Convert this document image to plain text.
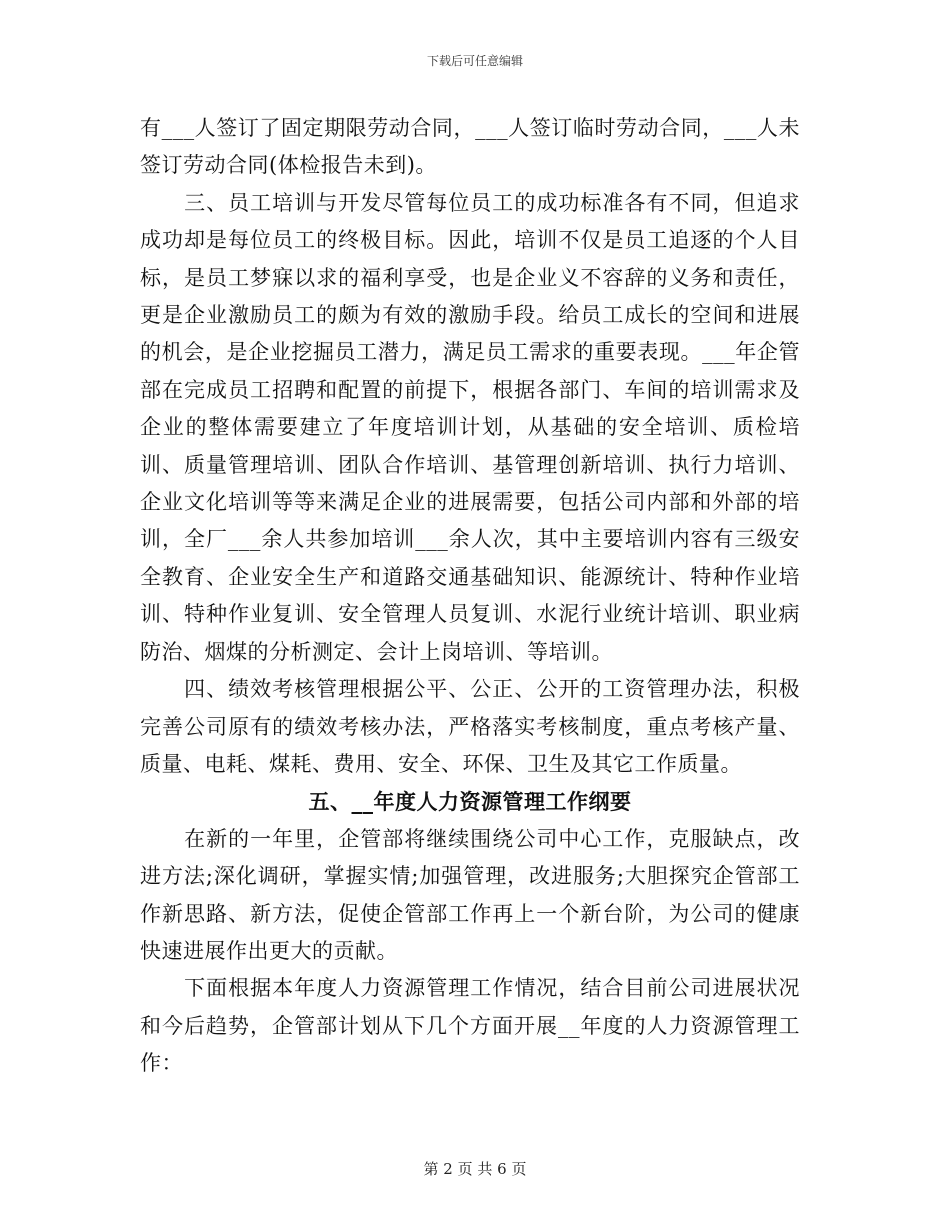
下载后可任意编辑

有___人签订了固定期限劳动合同，___人签订临时劳动合同，___人未签订劳动合同(体检报告未到)。

三、员工培训与开发尽管每位员工的成功标准各有不同，但追求成功却是每位员工的终极目标。因此，培训不仅是员工追逐的个人目标，是员工梦寐以求的福利享受，也是企业义不容辞的义务和责任，更是企业激励员工的颇为有效的激励手段。给员工成长的空间和进展的机会，是企业挖掘员工潜力，满足员工需求的重要表现。___年企管部在完成员工招聘和配置的前提下，根据各部门、车间的培训需求及企业的整体需要建立了年度培训计划，从基础的安全培训、质检培训、质量管理培训、团队合作培训、基管理创新培训、执行力培训、企业文化培训等等来满足企业的进展需要，包括公司内部和外部的培训，全厂___余人共参加培训___余人次，其中主要培训内容有三级安全教育、企业安全生产和道路交通基础知识、能源统计、特种作业培训、特种作业复训、安全管理人员复训、水泥行业统计培训、职业病防治、烟煤的分析测定、会计上岗培训、等培训。

四、绩效考核管理根据公平、公正、公开的工资管理办法，积极完善公司原有的绩效考核办法，严格落实考核制度，重点考核产量、质量、电耗、煤耗、费用、安全、环保、卫生及其它工作质量。

五、__年度人力资源管理工作纲要

在新的一年里，企管部将继续围绕公司中心工作，克服缺点，改进方法;深化调研，掌握实情;加强管理，改进服务;大胆探究企管部工作新思路、新方法，促使企管部工作再上一个新台阶，为公司的健康快速进展作出更大的贡献。

下面根据本年度人力资源管理工作情况，结合目前公司进展状况和今后趋势，企管部计划从下几个方面开展__年度的人力资源管理工作：

第 2 页 共 6 页
